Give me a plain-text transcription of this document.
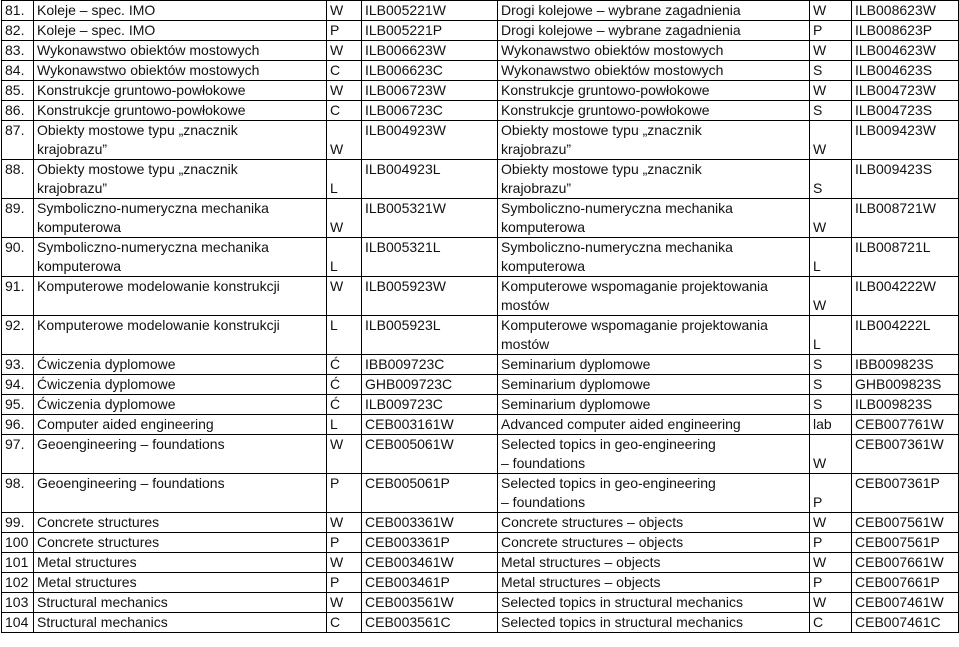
81.	Koleje – spec. IMO	W	ILB005221W	Drogi kolejowe – wybrane zagadnienia	W	ILB008623W
82.	Koleje – spec. IMO	P	ILB005221P	Drogi kolejowe – wybrane zagadnienia	P	ILB008623P
83.	Wykonawstwo obiektów mostowych	W	ILB006623W	Wykonawstwo obiektów mostowych	W	ILB004623W
84.	Wykonawstwo obiektów mostowych	C	ILB006623C	Wykonawstwo obiektów mostowych	S	ILB004623S
85.	Konstrukcje gruntowo-powłokowe	W	ILB006723W	Konstrukcje gruntowo-powłokowe	W	ILB004723W
86.	Konstrukcje gruntowo-powłokowe	C	ILB006723C	Konstrukcje gruntowo-powłokowe	S	ILB004723S
87.	Obiekty mostowe typu „znacznik
krajobrazu”	W	ILB004923W	Obiekty mostowe typu „znacznik
krajobrazu”	W	ILB009423W
88.	Obiekty mostowe typu „znacznik
krajobrazu”	L	ILB004923L	Obiekty mostowe typu „znacznik
krajobrazu”	S	ILB009423S
89.	Symboliczno-numeryczna mechanika
komputerowa	W	ILB005321W	Symboliczno-numeryczna mechanika
komputerowa	W	ILB008721W
90.	Symboliczno-numeryczna mechanika
komputerowa	L	ILB005321L	Symboliczno-numeryczna mechanika
komputerowa	L	ILB008721L
91.	Komputerowe modelowanie konstrukcji	W	ILB005923W	Komputerowe wspomaganie projektowania
mostów	W	ILB004222W
92.	Komputerowe modelowanie konstrukcji	L	ILB005923L	Komputerowe wspomaganie projektowania
mostów	L	ILB004222L
93.	Ćwiczenia dyplomowe	Ć	IBB009723C	Seminarium dyplomowe	S	IBB009823S
94.	Ćwiczenia dyplomowe	Ć	GHB009723C	Seminarium dyplomowe	S	GHB009823S
95.	Ćwiczenia dyplomowe	Ć	ILB009723C	Seminarium dyplomowe	S	ILB009823S
96.	Computer aided engineering	L	CEB003161W	Advanced computer aided engineering	lab	CEB007761W
97.	Geoengineering – foundations	W	CEB005061W	Selected topics in geo-engineering
– foundations	W	CEB007361W
98.	Geoengineering – foundations	P	CEB005061P	Selected topics in geo-engineering
– foundations	P	CEB007361P
99.	Concrete structures	W	CEB003361W	Concrete structures – objects	W	CEB007561W
100	Concrete structures	P	CEB003361P	Concrete structures – objects	P	CEB007561P
101	Metal structures	W	CEB003461W	Metal structures – objects	W	CEB007661W
102	Metal structures	P	CEB003461P	Metal structures – objects	P	CEB007661P
103	Structural mechanics	W	CEB003561W	Selected topics in structural mechanics	W	CEB007461W
104	Structural mechanics	C	CEB003561C	Selected topics in structural mechanics	C	CEB007461C
